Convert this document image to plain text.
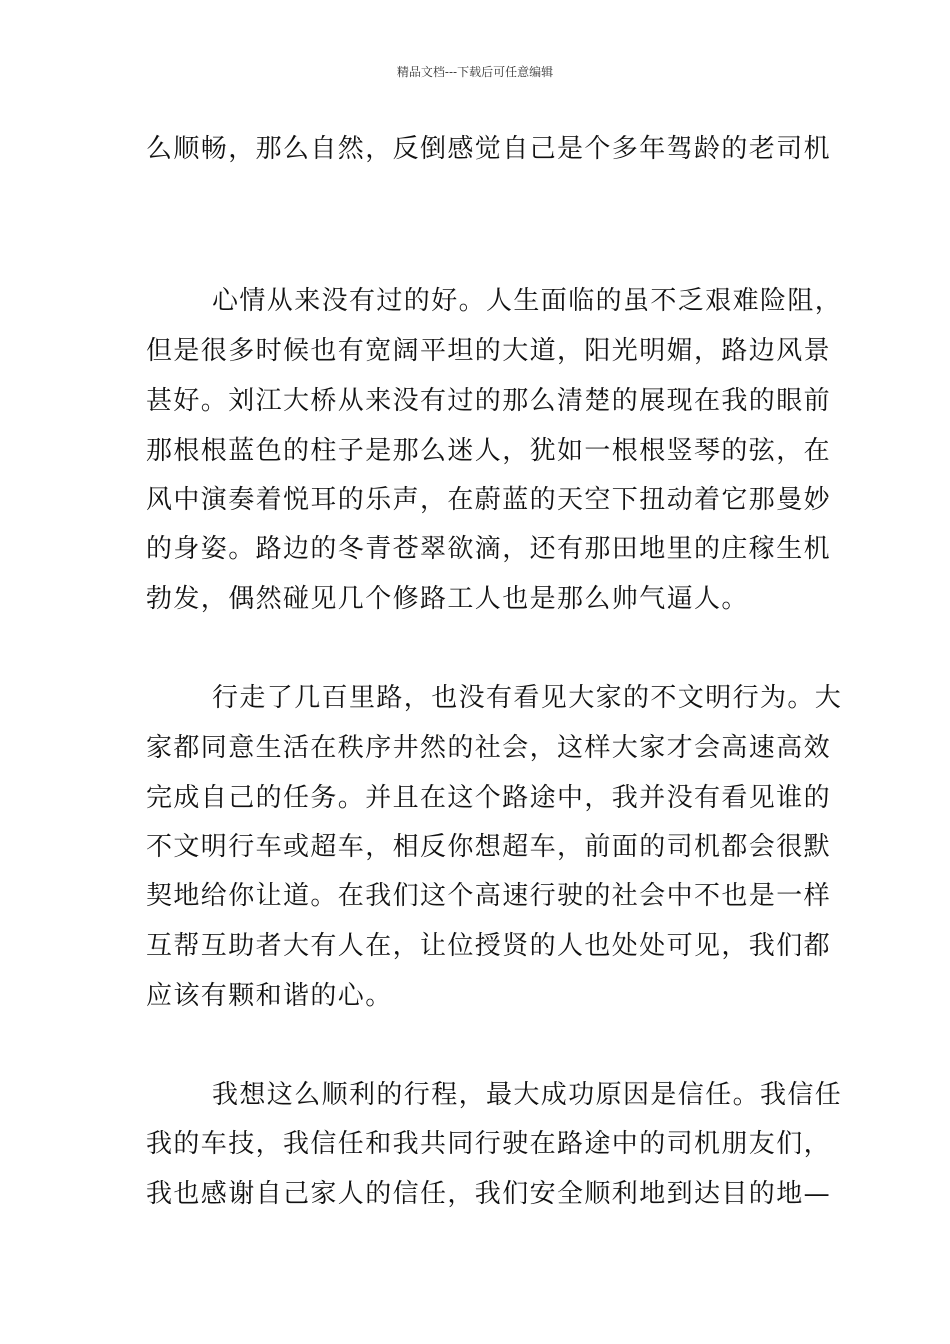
精品文档---下载后可任意编辑
么顺畅，那么自然，反倒感觉自己是个多年驾龄的老司机
心情从来没有过的好。人生面临的虽不乏艰难险阻，
但是很多时候也有宽阔平坦的大道，阳光明媚，路边风景
甚好。刘江大桥从来没有过的那么清楚的展现在我的眼前
那根根蓝色的柱子是那么迷人，犹如一根根竖琴的弦，在
风中演奏着悦耳的乐声，在蔚蓝的天空下扭动着它那曼妙
的身姿。路边的冬青苍翠欲滴，还有那田地里的庄稼生机
勃发，偶然碰见几个修路工人也是那么帅气逼人。
行走了几百里路，也没有看见大家的不文明行为。大
家都同意生活在秩序井然的社会，这样大家才会高速高效
完成自己的任务。并且在这个路途中，我并没有看见谁的
不文明行车或超车，相反你想超车，前面的司机都会很默
契地给你让道。在我们这个高速行驶的社会中不也是一样
互帮互助者大有人在，让位授贤的人也处处可见，我们都
应该有颗和谐的心。
我想这么顺利的行程，最大成功原因是信任。我信任
我的车技，我信任和我共同行驶在路途中的司机朋友们，
我也感谢自己家人的信任，我们安全顺利地到达目的地—
